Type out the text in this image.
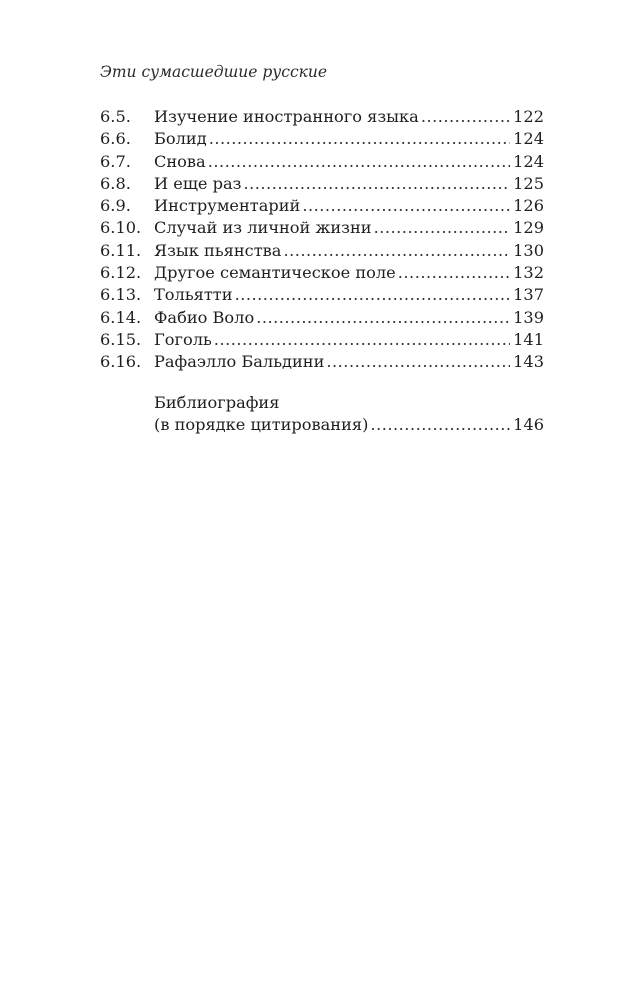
Эти сумасшедшие русские
6.5.	Изучение иностранного языка .....	122
6.6.	Болид .....	124
6.7.	Снова .....	124
6.8.	И еще раз .....	125
6.9.	Инструментарий .....	126
6.10. Случай из личной жизни .....	129
6.11. Язык пьянства .....	130
6.12. Другое семантическое поле .....	132
6.13. Тольятти .....	137
6.14. Фабио Воло .....	139
6.15. Гоголь .....	141
6.16. Рафаэлло Бальдини .....	143
Библиография
(в порядке цитирования) .....	146
